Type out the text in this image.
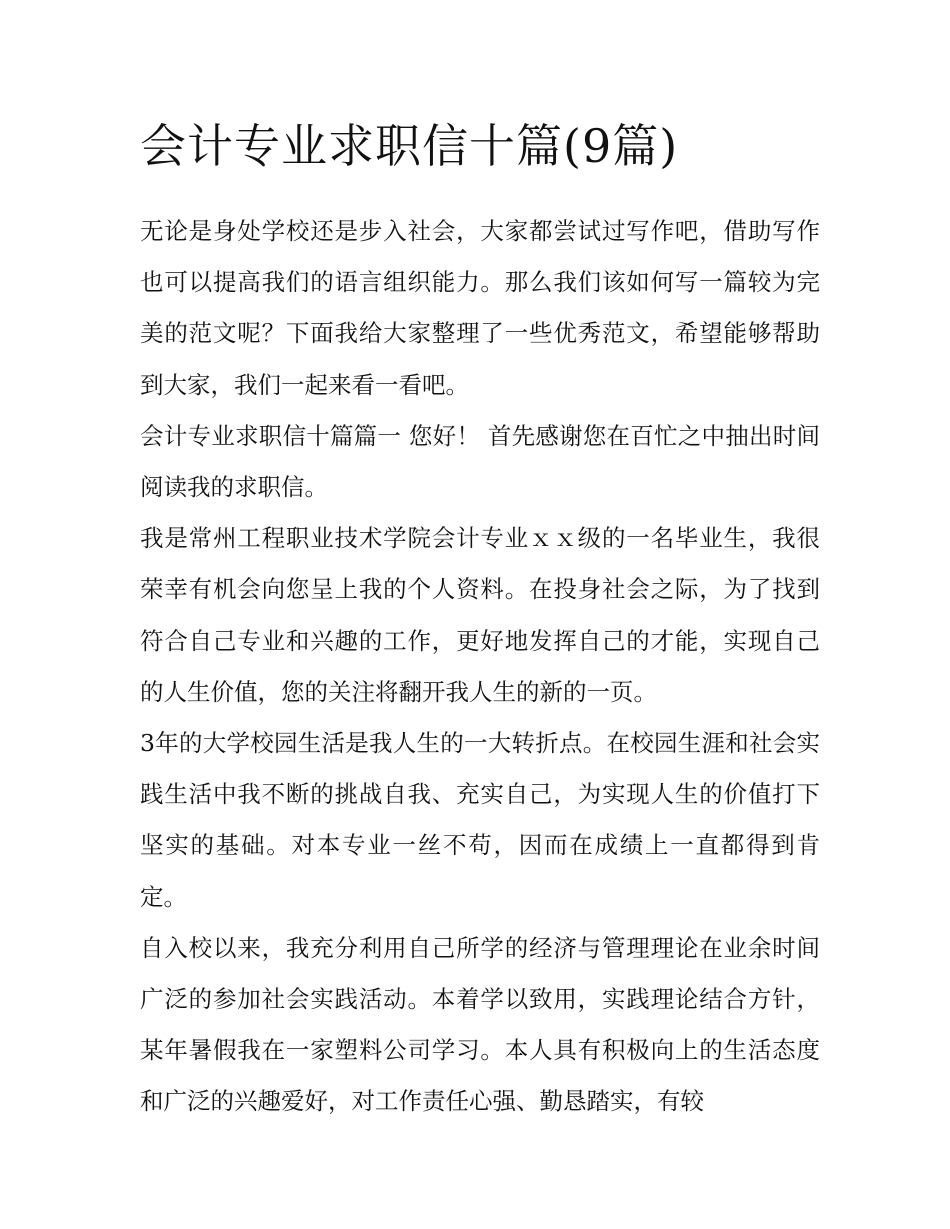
会计专业求职信十篇(9篇)

无论是身处学校还是步入社会，大家都尝试过写作吧，借助写作也可以提高我们的语言组织能力。那么我们该如何写一篇较为完美的范文呢？下面我给大家整理了一些优秀范文，希望能够帮助到大家，我们一起来看一看吧。

会计专业求职信十篇篇一 您好！ 首先感谢您在百忙之中抽出时间阅读我的求职信。

我是常州工程职业技术学院会计专业ｘｘ级的一名毕业生，我很荣幸有机会向您呈上我的个人资料。在投身社会之际，为了找到符合自己专业和兴趣的工作，更好地发挥自己的才能，实现自己的人生价值，您的关注将翻开我人生的新的一页。

3年的大学校园生活是我人生的一大转折点。在校园生涯和社会实践生活中我不断的挑战自我、充实自己，为实现人生的价值打下坚实的基础。对本专业一丝不苟，因而在成绩上一直都得到肯定。

自入校以来，我充分利用自己所学的经济与管理理论在业余时间广泛的参加社会实践活动。本着学以致用，实践理论结合方针，某年暑假我在一家塑料公司学习。本人具有积极向上的生活态度和广泛的兴趣爱好，对工作责任心强、勤恳踏实，有较
